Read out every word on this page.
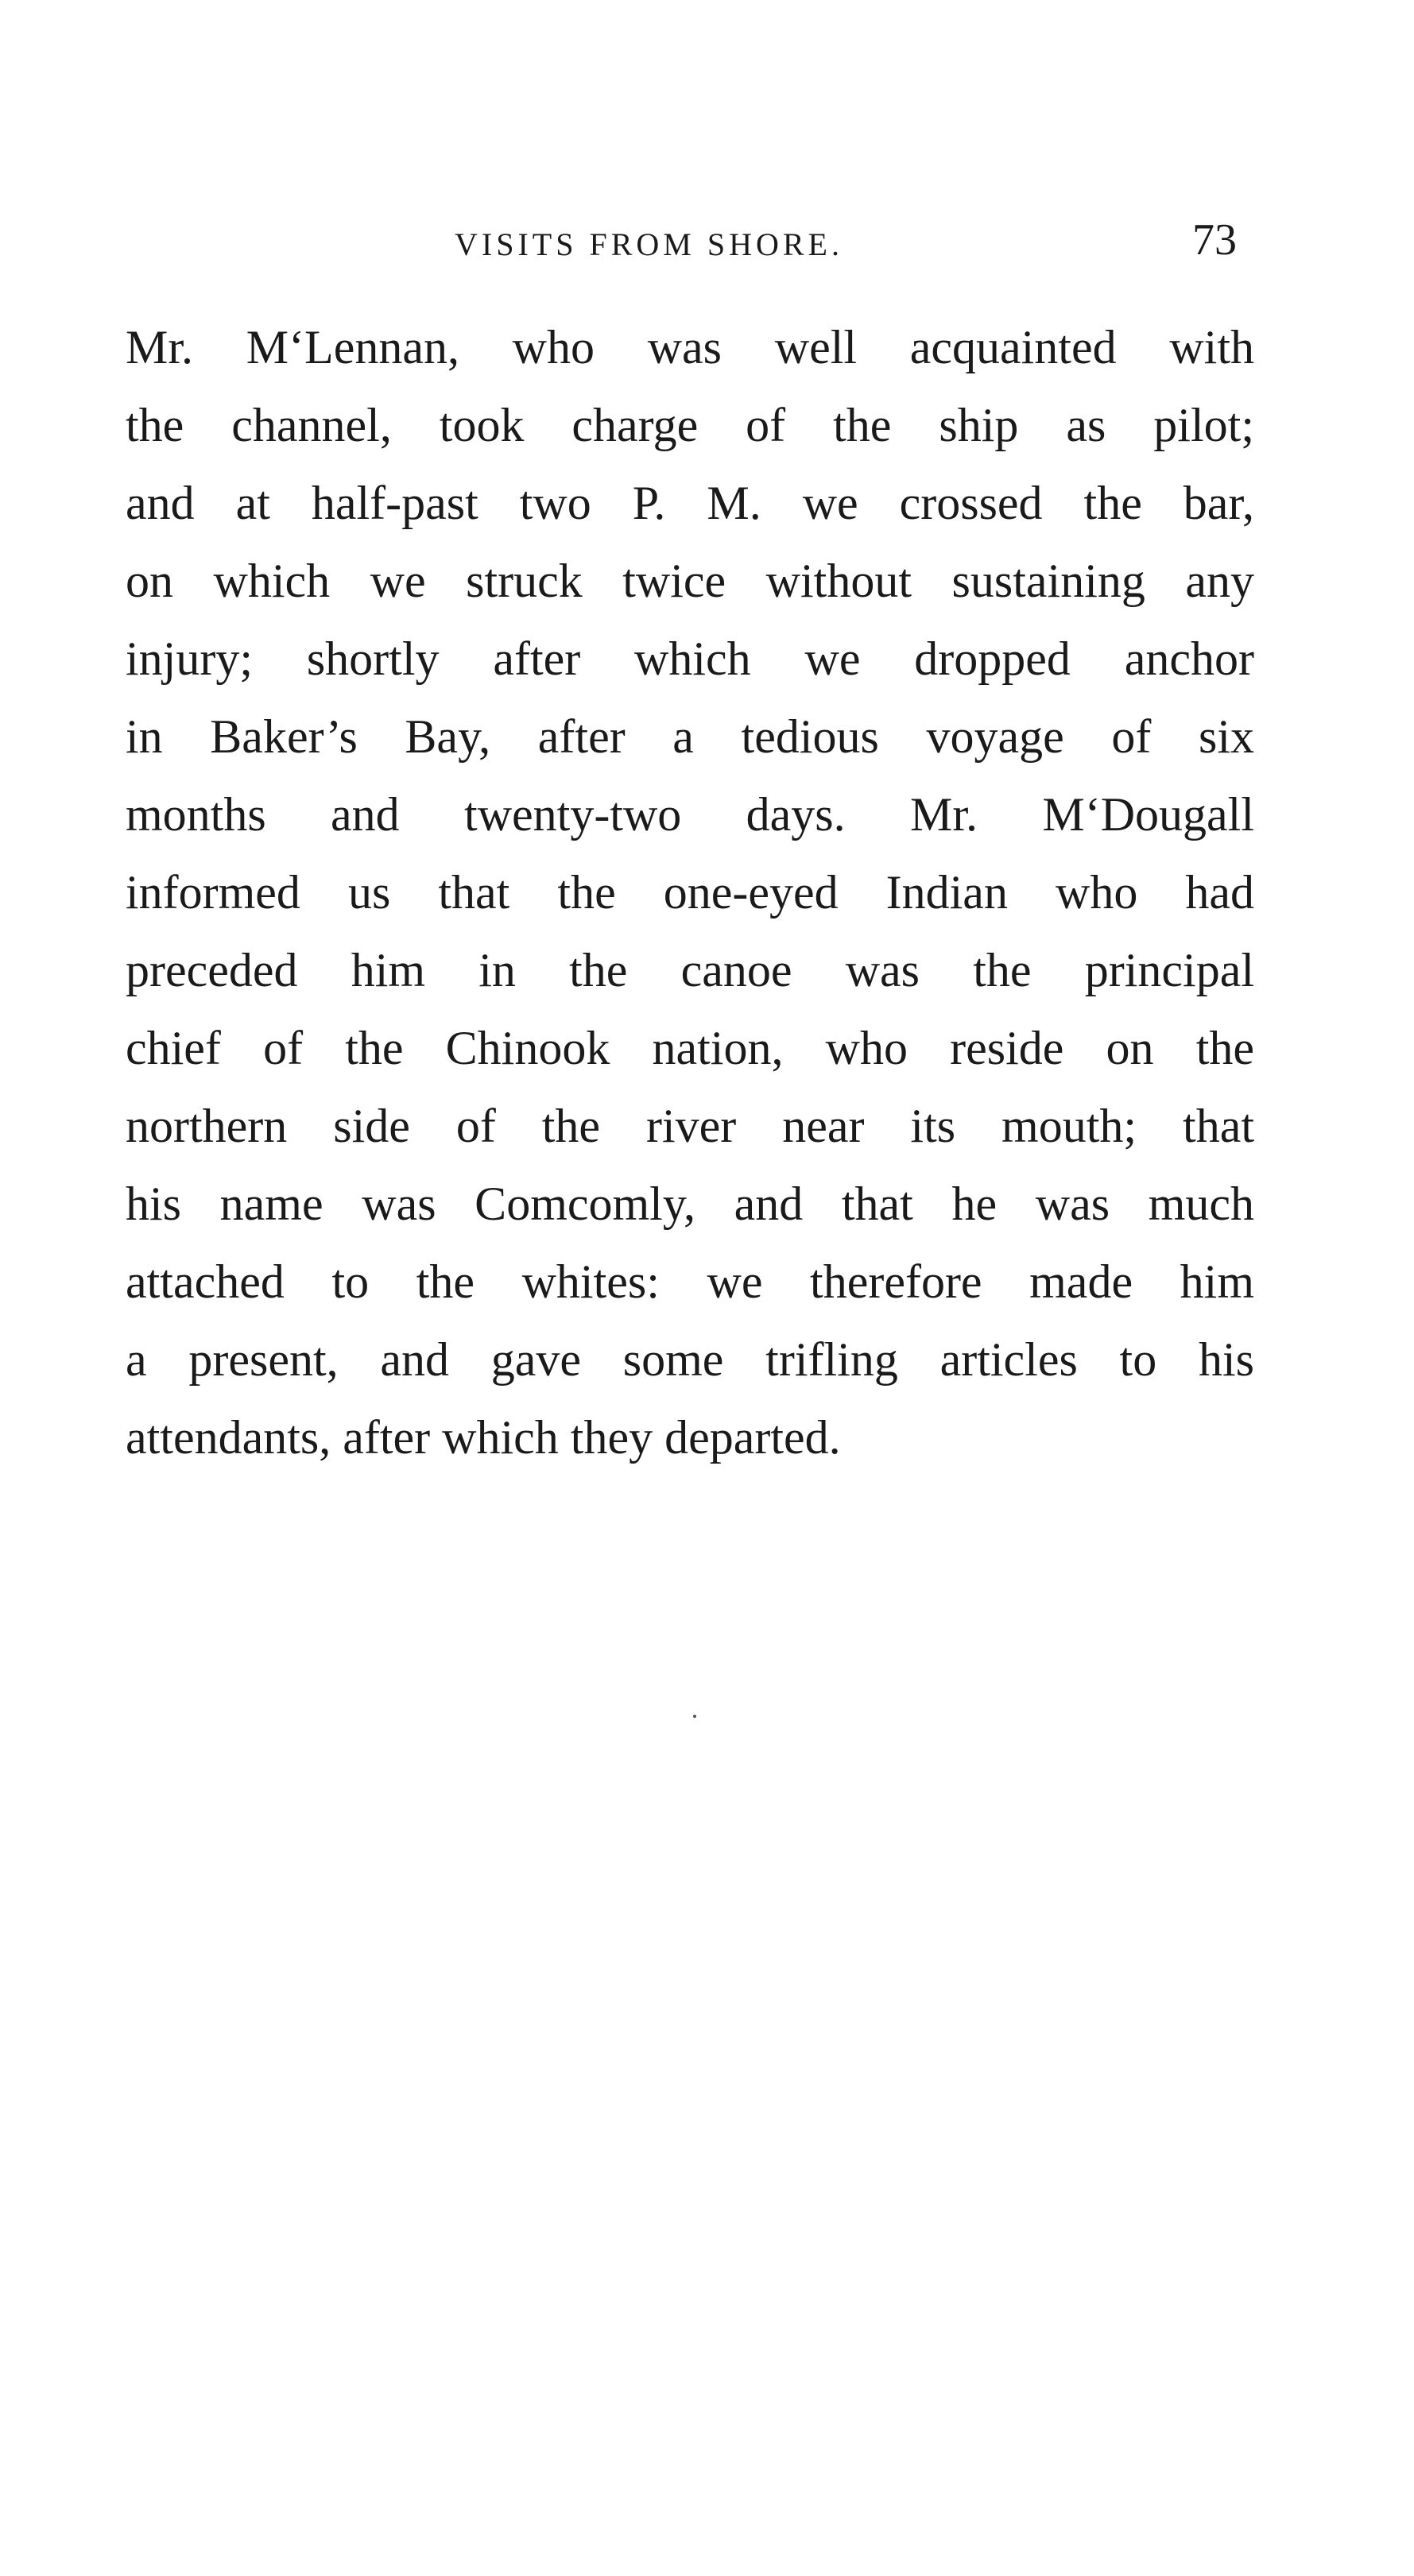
VISITS FROM SHORE.	73
Mr. M‘Lennan, who was well acquainted with
the channel, took charge of the ship as pilot;
and at half-past two P. M. we crossed the bar,
on which we struck twice without sustaining any
injury; shortly after which we dropped anchor
in Baker’s Bay, after a tedious voyage of six
months and twenty-two days. Mr. M‘Dougall
informed us that the one-eyed Indian who had
preceded him in the canoe was the principal
chief of the Chinook nation, who reside on the
northern side of the river near its mouth; that
his name was Comcomly, and that he was much
attached to the whites: we therefore made him
a present, and gave some trifling articles to his
attendants, after which they departed.
